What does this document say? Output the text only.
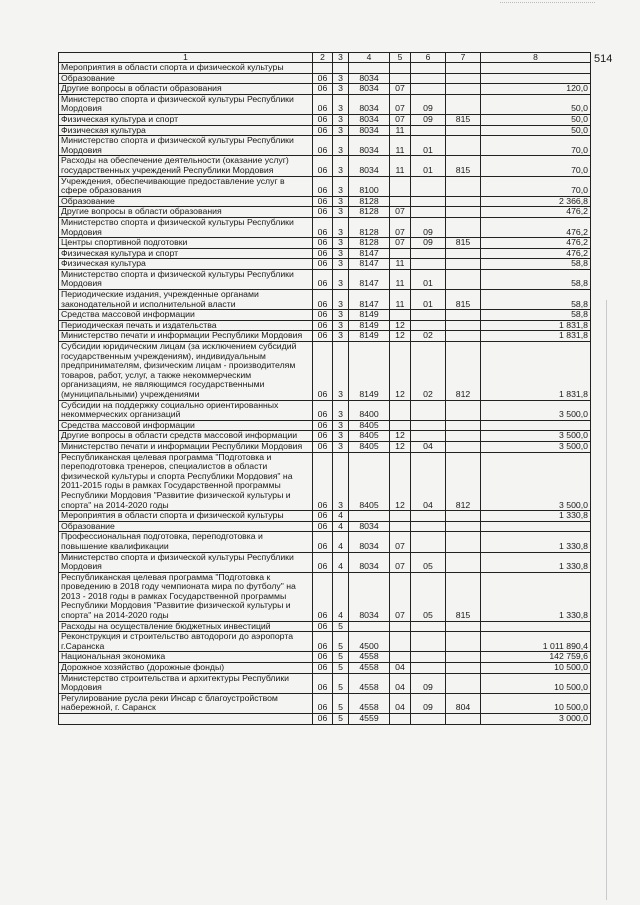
514
1	2	3	4	5	6	7	8
Мероприятия в области спорта и физической культуры							
Образование	06	3	8034				
Другие вопросы в области образования	06	3	8034	07			120,0
Министерство спорта и физической культуры Республики Мордовия	06	3	8034	07	09		50,0
Физическая культура и спорт	06	3	8034	07	09	815	50,0
Физическая культура	06	3	8034	11			50,0
Министерство спорта и физической культуры Республики Мордовия	06	3	8034	11	01		70,0
Расходы на обеспечение деятельности (оказание услуг) государственных учреждений Республики Мордовия	06	3	8034	11	01	815	70,0
Учреждения, обеспечивающие предоставление услуг в сфере образования	06	3	8100				70,0
Образование	06	3	8128				2 366,8
Другие вопросы в области образования	06	3	8128	07			476,2
Министерство спорта и физической культуры Республики Мордовия	06	3	8128	07	09		476,2
Центры спортивной подготовки	06	3	8128	07	09	815	476,2
Физическая культура и спорт	06	3	8147				476,2
Физическая культура	06	3	8147	11			58,8
Министерство спорта и физической культуры Республики Мордовия	06	3	8147	11	01		58,8
Периодические издания, учрежденные органами законодательной и исполнительной власти	06	3	8147	11	01	815	58,8
Средства массовой информации	06	3	8149				58,8
Периодическая печать и издательства	06	3	8149	12			1 831,8
Министерство печати и информации Республики Мордовия	06	3	8149	12	02		1 831,8
Субсидии юридическим лицам (за исключением субсидий государственным учреждениям), индивидуальным предпринимателям, физическим лицам - производителям товаров, работ, услуг, а также некоммерческим организациям, не являющимся государственными (муниципальными) учреждениями	06	3	8149	12	02	812	1 831,8
Субсидии на поддержку социально ориентированных некоммерческих организаций	06	3	8400				3 500,0
Средства массовой информации	06	3	8405				
Другие вопросы в области средств массовой информации	06	3	8405	12			3 500,0
Министерство печати и информации Республики Мордовия	06	3	8405	12	04		3 500,0
Республиканская целевая программа "Подготовка и переподготовка тренеров, специалистов в области физической культуры и спорта Республики Мордовия" на 2011-2015 годы в рамках Государственной программы Республики Мордовия "Развитие физической культуры и спорта" на 2014-2020 годы	06	3	8405	12	04	812	3 500,0
Мероприятия в области спорта и физической культуры	06	4					1 330,8
Образование	06	4	8034				
Профессиональная подготовка, переподготовка и повышение квалификации	06	4	8034	07			1 330,8
Министерство спорта и физической культуры Республики Мордовия	06	4	8034	07	05		1 330,8
Республиканская целевая программа "Подготовка к проведению в 2018 году чемпионата мира по футболу" на 2013 - 2018 годы в рамках Государственной программы Республики Мордовия "Развитие физической культуры и спорта" на 2014-2020 годы	06	4	8034	07	05	815	1 330,8
Расходы на осуществление бюджетных инвестиций	06	5					
Реконструкция и строительство автодороги до аэропорта г.Саранска	06	5	4500				1 011 890,4
Национальная экономика	06	5	4558				142 759,6
Дорожное хозяйство (дорожные фонды)	06	5	4558	04			10 500,0
Министерство строительства и архитектуры Республики Мордовия	06	5	4558	04	09		10 500,0
Регулирование русла реки Инсар с благоустройством набережной, г. Саранск	06	5	4558	04	09	804	10 500,0
	06	5	4559				3 000,0
